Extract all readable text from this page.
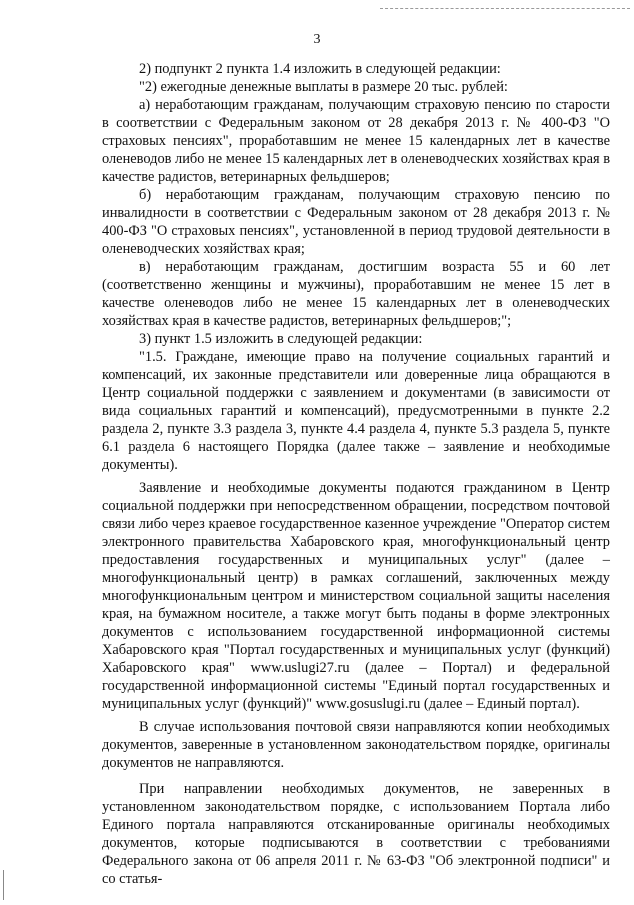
3

2) подпункт 2 пункта 1.4 изложить в следующей редакции:

"2) ежегодные денежные выплаты в размере 20 тыс. рублей:

а) неработающим гражданам, получающим страховую пенсию по старости в соответствии с Федеральным законом от 28 декабря 2013 г. № 400-ФЗ "О страховых пенсиях", проработавшим не менее 15 календарных лет в качестве оленеводов либо не менее 15 календарных лет в оленеводческих хозяйствах края в качестве радистов, ветеринарных фельдшеров;

б) неработающим гражданам, получающим страховую пенсию по инвалидности в соответствии с Федеральным законом от 28 декабря 2013 г. № 400-ФЗ "О страховых пенсиях", установленной в период трудовой деятельности в оленеводческих хозяйствах края;

в) неработающим гражданам, достигшим возраста 55 и 60 лет (соответственно женщины и мужчины), проработавшим не менее 15 лет в качестве оленеводов либо не менее 15 календарных лет в оленеводческих хозяйствах края в качестве радистов, ветеринарных фельдшеров;";

3) пункт 1.5 изложить в следующей редакции:

"1.5. Граждане, имеющие право на получение социальных гарантий и компенсаций, их законные представители или доверенные лица обращаются в Центр социальной поддержки с заявлением и документами (в зависимости от вида социальных гарантий и компенсаций), предусмотренными в пункте 2.2 раздела 2, пункте 3.3 раздела 3, пункте 4.4 раздела 4, пункте 5.3 раздела 5, пункте 6.1 раздела 6 настоящего Порядка (далее также – заявление и необходимые документы).

Заявление и необходимые документы подаются гражданином в Центр социальной поддержки при непосредственном обращении, посредством почтовой связи либо через краевое государственное казенное учреждение "Оператор систем электронного правительства Хабаровского края, многофункциональный центр предоставления государственных и муниципальных услуг" (далее – многофункциональный центр) в рамках соглашений, заключенных между многофункциональным центром и министерством социальной защиты населения края, на бумажном носителе, а также могут быть поданы в форме электронных документов с использованием государственной информационной системы Хабаровского края "Портал государственных и муниципальных услуг (функций) Хабаровского края" www.uslugi27.ru (далее – Портал) и федеральной государственной информационной системы "Единый портал государственных и муниципальных услуг (функций)" www.gosuslugi.ru (далее – Единый портал).

В случае использования почтовой связи направляются копии необходимых документов, заверенные в установленном законодательством порядке, оригиналы документов не направляются.

При направлении необходимых документов, не заверенных в установленном законодательством порядке, с использованием Портала либо Единого портала направляются отсканированные оригиналы необходимых документов, которые подписываются в соответствии с требованиями Федерального закона от 06 апреля 2011 г. № 63-ФЗ "Об электронной подписи" и со статья-
